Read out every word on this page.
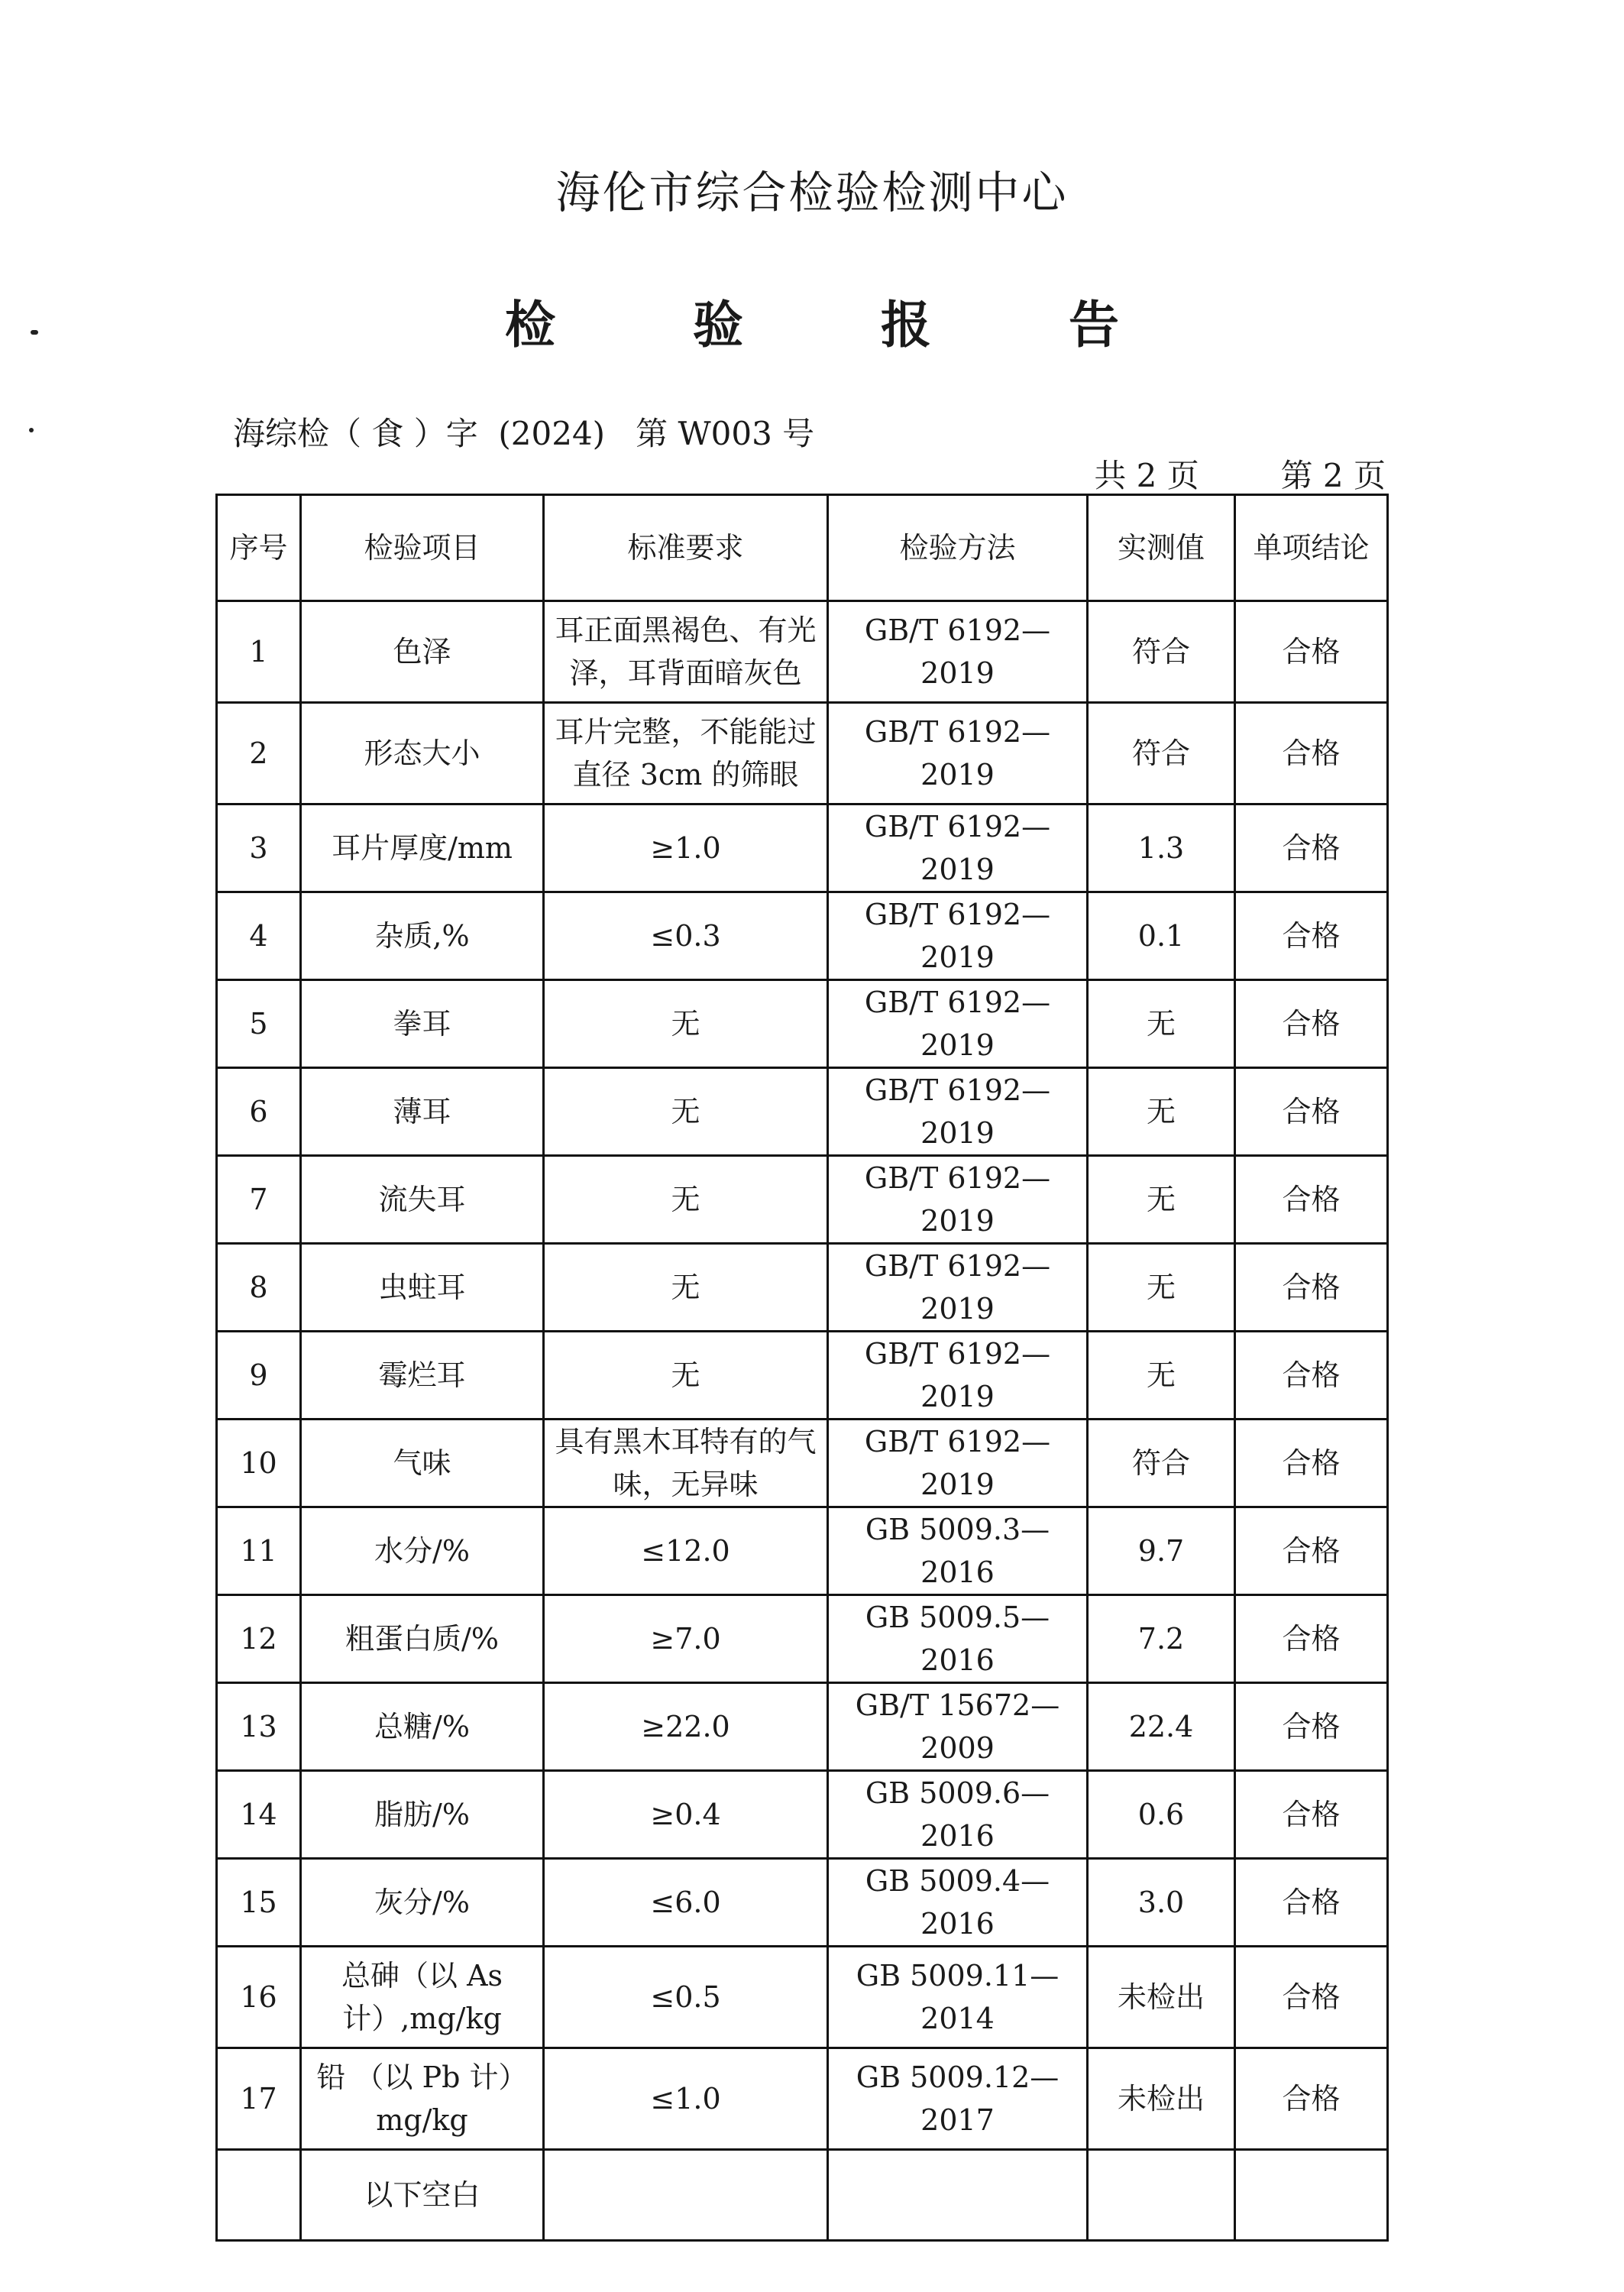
海伦市综合检验检测中心
检验报告
海综检（ 食 ）字  (2024)   第 W003 号
共 2 页	第 2 页
序号	检验项目	标准要求	检验方法	实测值	单项结论
1	色泽	耳正面黑褐色、有光泽，耳背面暗灰色	GB/T 6192—2019	符合	合格
2	形态大小	耳片完整，不能能过直径 3cm 的筛眼	GB/T 6192—2019	符合	合格
3	耳片厚度/mm	≥1.0	GB/T 6192—2019	1.3	合格
4	杂质,%	≤0.3	GB/T 6192—2019	0.1	合格
5	拳耳	无	GB/T 6192—2019	无	合格
6	薄耳	无	GB/T 6192—2019	无	合格
7	流失耳	无	GB/T 6192—2019	无	合格
8	虫蛀耳	无	GB/T 6192—2019	无	合格
9	霉烂耳	无	GB/T 6192—2019	无	合格
10	气味	具有黑木耳特有的气味，无异味	GB/T 6192—2019	符合	合格
11	水分/%	≤12.0	GB 5009.3—2016	9.7	合格
12	粗蛋白质/%	≥7.0	GB 5009.5—2016	7.2	合格
13	总糖/%	≥22.0	GB/T 15672—2009	22.4	合格
14	脂肪/%	≥0.4	GB 5009.6—2016	0.6	合格
15	灰分/%	≤6.0	GB 5009.4—2016	3.0	合格
16	总砷（以 As 计）,mg/kg	≤0.5	GB 5009.11—2014	未检出	合格
17	铅 （以 Pb 计）mg/kg	≤1.0	GB 5009.12—2017	未检出	合格
	以下空白				
